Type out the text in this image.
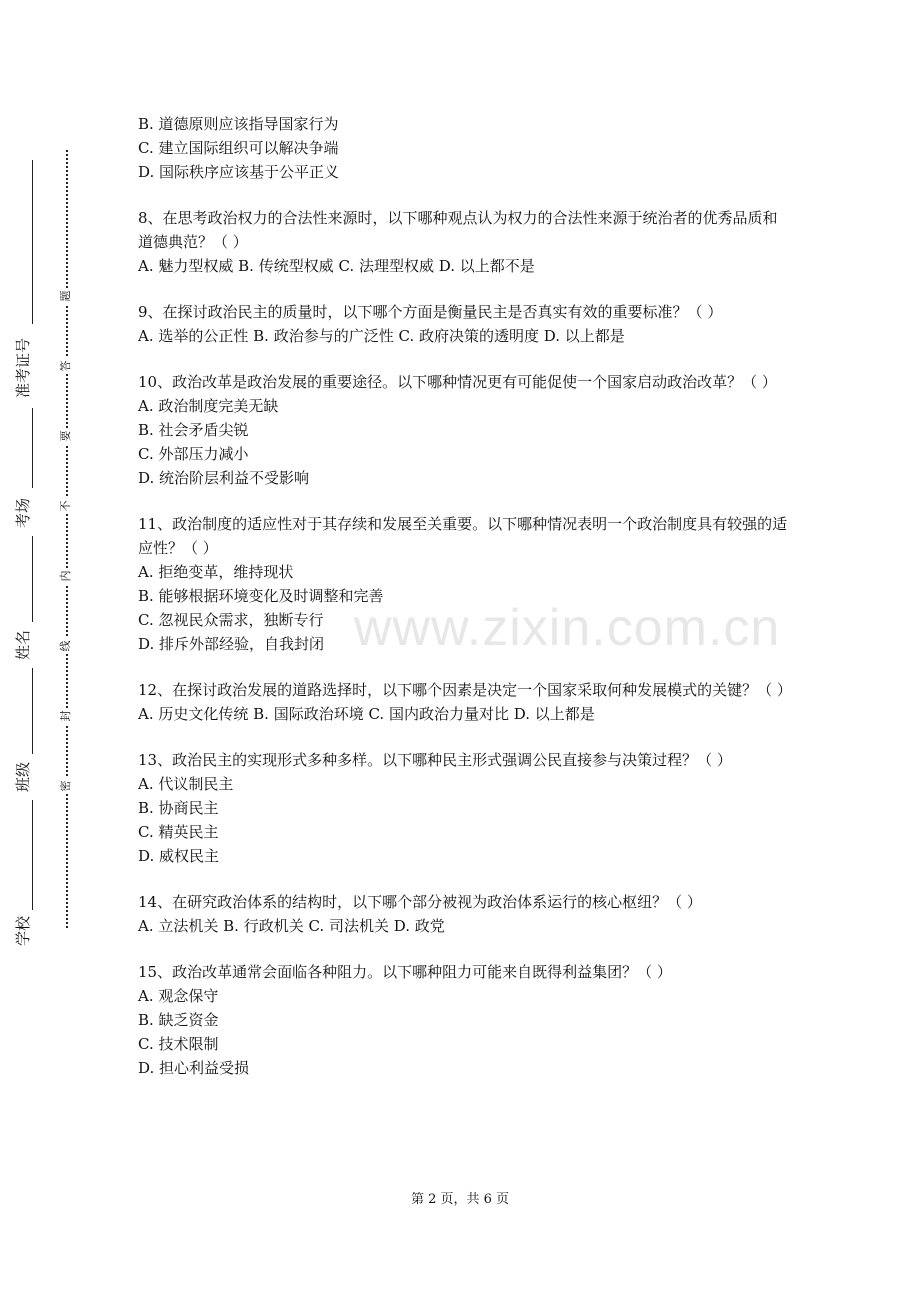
准考证号
考场
姓名
班级
学校
题
答
要
不
内
线
封
密
www.zixin.com.cn
B. 道德原则应该指导国家行为
C. 建立国际组织可以解决争端
D. 国际秩序应该基于公平正义
8、在思考政治权力的合法性来源时，以下哪种观点认为权力的合法性来源于统治者的优秀品质和道德典范？（ ）
A. 魅力型权威 B. 传统型权威 C. 法理型权威 D. 以上都不是
9、在探讨政治民主的质量时，以下哪个方面是衡量民主是否真实有效的重要标准？（ ）
A. 选举的公正性 B. 政治参与的广泛性 C. 政府决策的透明度 D. 以上都是
10、政治改革是政治发展的重要途径。以下哪种情况更有可能促使一个国家启动政治改革？（ ）
A. 政治制度完美无缺
B. 社会矛盾尖锐
C. 外部压力减小
D. 统治阶层利益不受影响
11、政治制度的适应性对于其存续和发展至关重要。以下哪种情况表明一个政治制度具有较强的适应性？（ ）
A. 拒绝变革，维持现状
B. 能够根据环境变化及时调整和完善
C. 忽视民众需求，独断专行
D. 排斥外部经验，自我封闭
12、在探讨政治发展的道路选择时，以下哪个因素是决定一个国家采取何种发展模式的关键？（ ）
A. 历史文化传统 B. 国际政治环境 C. 国内政治力量对比 D. 以上都是
13、政治民主的实现形式多种多样。以下哪种民主形式强调公民直接参与决策过程？（ ）
A. 代议制民主
B. 协商民主
C. 精英民主
D. 威权民主
14、在研究政治体系的结构时，以下哪个部分被视为政治体系运行的核心枢纽？（ ）
A. 立法机关 B. 行政机关 C. 司法机关 D. 政党
15、政治改革通常会面临各种阻力。以下哪种阻力可能来自既得利益集团？（ ）
A. 观念保守
B. 缺乏资金
C. 技术限制
D. 担心利益受损
第 2 页，共 6 页
